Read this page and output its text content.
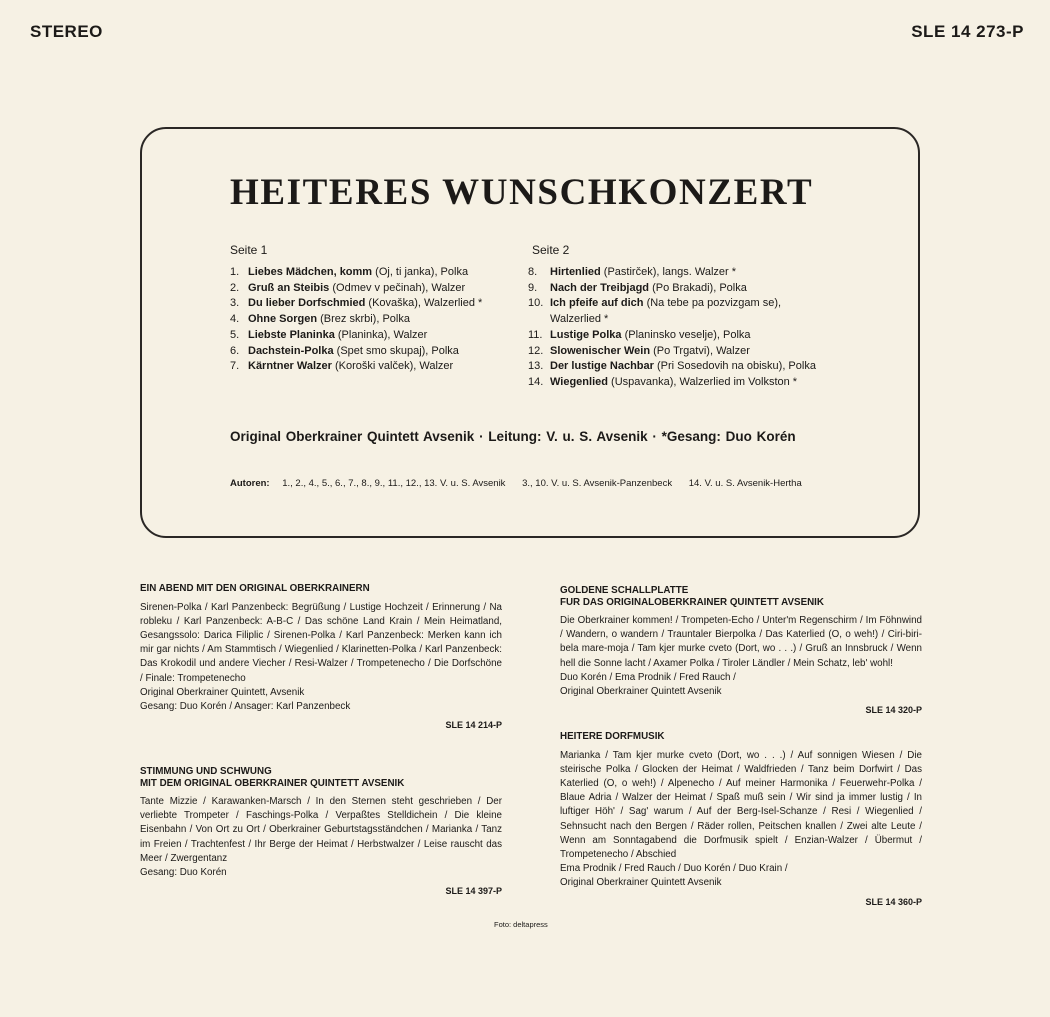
STEREO	SLE 14 273-P
HEITERES WUNSCHKONZERT
Seite 1	Seite 2
1. Liebes Mädchen, komm (Oj, ti janka), Polka
2. Gruß an Steibis (Odmev v pečinah), Walzer
3. Du lieber Dorfschmied (Kovaška), Walzerlied *
4. Ohne Sorgen (Brez skrbi), Polka
5. Liebste Planinka (Planinka), Walzer
6. Dachstein-Polka (Spet smo skupaj), Polka
7. Kärntner Walzer (Koroški valček), Walzer
8. Hirtenlied (Pastirček), langs. Walzer *
9. Nach der Treibjagd (Po Brakadi), Polka
10. Ich pfeife auf dich (Na tebe pa pozvizgam se),
Walzerlied *
11. Lustige Polka (Planinsko veselje), Polka
12. Slowenischer Wein (Po Trgatvi), Walzer
13. Der lustige Nachbar (Pri Sosedovih na obisku), Polka
14. Wiegenlied (Uspavanka), Walzerlied im Volkston *
Original Oberkrainer Quintett Avsenik · Leitung: V. u. S. Avsenik · *Gesang: Duo Korén
Autoren: 1., 2., 4., 5., 6., 7., 8., 9., 11., 12., 13. V. u. S. Avsenik 3., 10. V. u. S. Avsenik-Panzenbeck 14. V. u. S. Avsenik-Hertha
EIN ABEND MIT DEN ORIGINAL OBERKRAINERN

Sirenen-Polka / Karl Panzenbeck: Begrüßung / Lustige Hochzeit / Erinnerung / Na robleku / Karl Panzenbeck: A-B-C / Das schöne Land Krain / Mein Heimatland, Gesangssolo: Darica Filiplic / Sirenen-Polka / Karl Panzenbeck: Merken kann ich mir gar nichts / Am Stammtisch / Wiegenlied / Klarinetten-Polka / Karl Panzenbeck: Das Krokodil und andere Viecher / Resi-Walzer / Trompetenecho / Die Dorfschöne / Finale: Trompetenecho

Original Oberkrainer Quintett, Avsenik
Gesang: Duo Korén / Ansager: Karl Panzenbeck
SLE 14 214-P
STIMMUNG UND SCHWUNG
MIT DEM ORIGINAL OBERKRAINER QUINTETT AVSENIK

Tante Mizzie / Karawanken-Marsch / In den Sternen steht geschrieben / Der verliebte Trompeter / Faschings-Polka / Verpaßtes Stelldichein / Die kleine Eisenbahn / Von Ort zu Ort / Oberkrainer Geburtstagsständchen / Marianka / Tanz im Freien / Trachtenfest / Ihr Berge der Heimat / Herbstwalzer / Leise rauscht das Meer / Zwergentanz

Gesang: Duo Korén
SLE 14 397-P
GOLDENE SCHALLPLATTE
FUR DAS ORIGINALOBERKRAINER QUINTETT AVSENIK

Die Oberkrainer kommen! / Trompeten-Echo / Unter'm Regenschirm / Im Föhnwind / Wandern, o wandern / Trauntaler Bierpolka / Das Katerlied (O, o weh!) / Ciri-biri-bela mare-moja / Tam kjer murke cveto (Dort, wo . . .) / Gruß an Innsbruck / Wenn hell die Sonne lacht / Axamer Polka / Tiroler Ländler / Mein Schatz, leb' wohl!

Duo Korén / Ema Prodnik / Fred Rauch /
Original Oberkrainer Quintett Avsenik
SLE 14 320-P
HEITERE DORFMUSIK

Marianka / Tam kjer murke cveto (Dort, wo . . .) / Auf sonnigen Wiesen / Die steirische Polka / Glocken der Heimat / Waldfrieden / Tanz beim Dorfwirt / Das Katerlied (O, o weh!) / Alpenecho / Auf meiner Harmonika / Feuerwehr-Polka / Blaue Adria / Walzer der Heimat / Spaß muß sein / Wir sind ja immer lustig / In luftiger Höh' / Sag' warum / Auf der Berg-Isel-Schanze / Resi / Wiegenlied / Sehnsucht nach den Bergen / Räder rollen, Peitschen knallen / Zwei alte Leute / Wenn am Sonntagabend die Dorfmusik spielt / Enzian-Walzer / Übermut / Trompetenecho / Abschied

Ema Prodnik / Fred Rauch / Duo Korén / Duo Krain /
Original Oberkrainer Quintett Avsenik
SLE 14 360-P
Foto: deltapress
